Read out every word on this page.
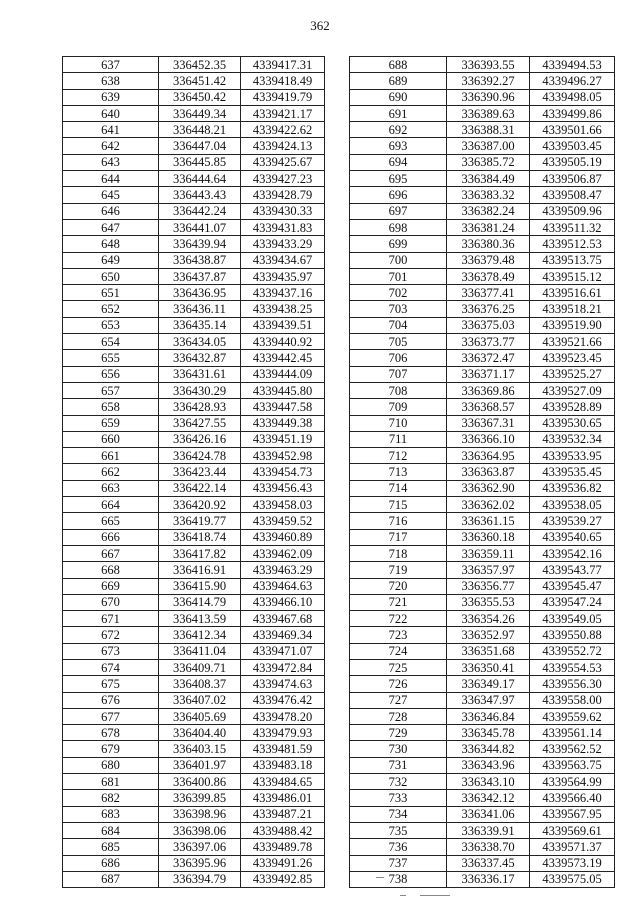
362
637	336452.35	4339417.31
638	336451.42	4339418.49
639	336450.42	4339419.79
640	336449.34	4339421.17
641	336448.21	4339422.62
642	336447.04	4339424.13
643	336445.85	4339425.67
644	336444.64	4339427.23
645	336443.43	4339428.79
646	336442.24	4339430.33
647	336441.07	4339431.83
648	336439.94	4339433.29
649	336438.87	4339434.67
650	336437.87	4339435.97
651	336436.95	4339437.16
652	336436.11	4339438.25
653	336435.14	4339439.51
654	336434.05	4339440.92
655	336432.87	4339442.45
656	336431.61	4339444.09
657	336430.29	4339445.80
658	336428.93	4339447.58
659	336427.55	4339449.38
660	336426.16	4339451.19
661	336424.78	4339452.98
662	336423.44	4339454.73
663	336422.14	4339456.43
664	336420.92	4339458.03
665	336419.77	4339459.52
666	336418.74	4339460.89
667	336417.82	4339462.09
668	336416.91	4339463.29
669	336415.90	4339464.63
670	336414.79	4339466.10
671	336413.59	4339467.68
672	336412.34	4339469.34
673	336411.04	4339471.07
674	336409.71	4339472.84
675	336408.37	4339474.63
676	336407.02	4339476.42
677	336405.69	4339478.20
678	336404.40	4339479.93
679	336403.15	4339481.59
680	336401.97	4339483.18
681	336400.86	4339484.65
682	336399.85	4339486.01
683	336398.96	4339487.21
684	336398.06	4339488.42
685	336397.06	4339489.78
686	336395.96	4339491.26
687	336394.79	4339492.85
688	336393.55	4339494.53
689	336392.27	4339496.27
690	336390.96	4339498.05
691	336389.63	4339499.86
692	336388.31	4339501.66
693	336387.00	4339503.45
694	336385.72	4339505.19
695	336384.49	4339506.87
696	336383.32	4339508.47
697	336382.24	4339509.96
698	336381.24	4339511.32
699	336380.36	4339512.53
700	336379.48	4339513.75
701	336378.49	4339515.12
702	336377.41	4339516.61
703	336376.25	4339518.21
704	336375.03	4339519.90
705	336373.77	4339521.66
706	336372.47	4339523.45
707	336371.17	4339525.27
708	336369.86	4339527.09
709	336368.57	4339528.89
710	336367.31	4339530.65
711	336366.10	4339532.34
712	336364.95	4339533.95
713	336363.87	4339535.45
714	336362.90	4339536.82
715	336362.02	4339538.05
716	336361.15	4339539.27
717	336360.18	4339540.65
718	336359.11	4339542.16
719	336357.97	4339543.77
720	336356.77	4339545.47
721	336355.53	4339547.24
722	336354.26	4339549.05
723	336352.97	4339550.88
724	336351.68	4339552.72
725	336350.41	4339554.53
726	336349.17	4339556.30
727	336347.97	4339558.00
728	336346.84	4339559.62
729	336345.78	4339561.14
730	336344.82	4339562.52
731	336343.96	4339563.75
732	336343.10	4339564.99
733	336342.12	4339566.40
734	336341.06	4339567.95
735	336339.91	4339569.61
736	336338.70	4339571.37
737	336337.45	4339573.19
738	336336.17	4339575.05
